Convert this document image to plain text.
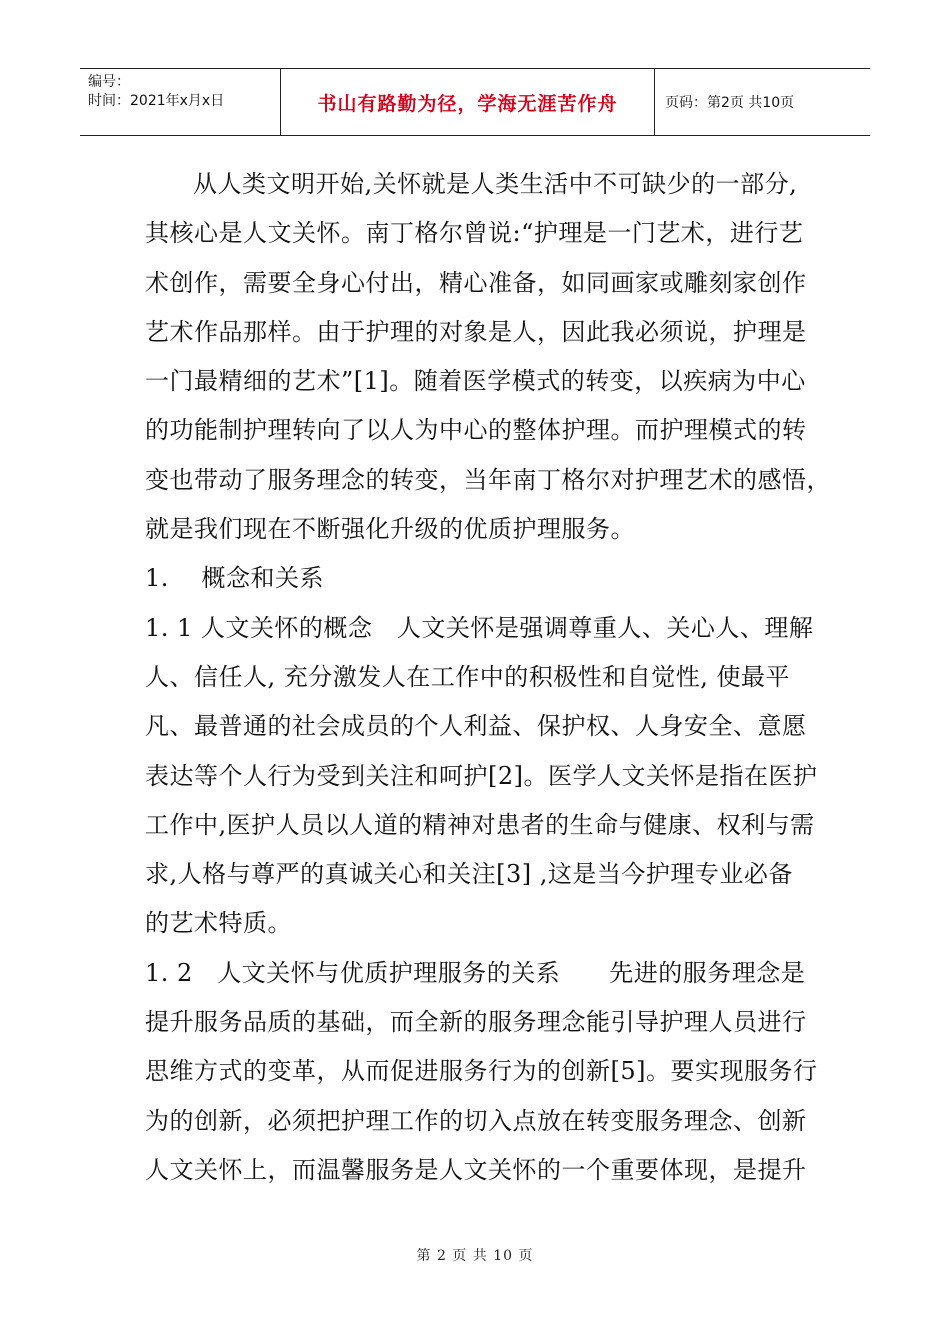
编号：
时间：2021年x月x日	书山有路勤为径，学海无涯苦作舟	页码：第2页 共10页
从人类文明开始,关怀就是人类生活中不可缺少的一部分,
其核心是人文关怀。南丁格尔曾说:“护理是一门艺术，进行艺
术创作，需要全身心付出，精心准备，如同画家或雕刻家创作
艺术作品那样。由于护理的对象是人，因此我必须说，护理是
一门最精细的艺术”[1]。随着医学模式的转变，以疾病为中心
的功能制护理转向了以人为中心的整体护理。而护理模式的转
变也带动了服务理念的转变，当年南丁格尔对护理艺术的感悟，
就是我们现在不断强化升级的优质护理服务。
1.　 概念和关系
1. 1 人文关怀的概念　人文关怀是强调尊重人、关心人、理解
人、信任人, 充分激发人在工作中的积极性和自觉性, 使最平
凡、最普通的社会成员的个人利益、保护权、人身安全、意愿
表达等个人行为受到关注和呵护[2]。医学人文关怀是指在医护
工作中,医护人员以人道的精神对患者的生命与健康、权利与需
求,人格与尊严的真诚关心和关注[3] ,这是当今护理专业必备
的艺术特质。
1. 2　人文关怀与优质护理服务的关系　　先进的服务理念是
提升服务品质的基础，而全新的服务理念能引导护理人员进行
思维方式的变革，从而促进服务行为的创新[5]。要实现服务行
为的创新，必须把护理工作的切入点放在转变服务理念、创新
人文关怀上，而温馨服务是人文关怀的一个重要体现，是提升
第 2 页 共 10 页
